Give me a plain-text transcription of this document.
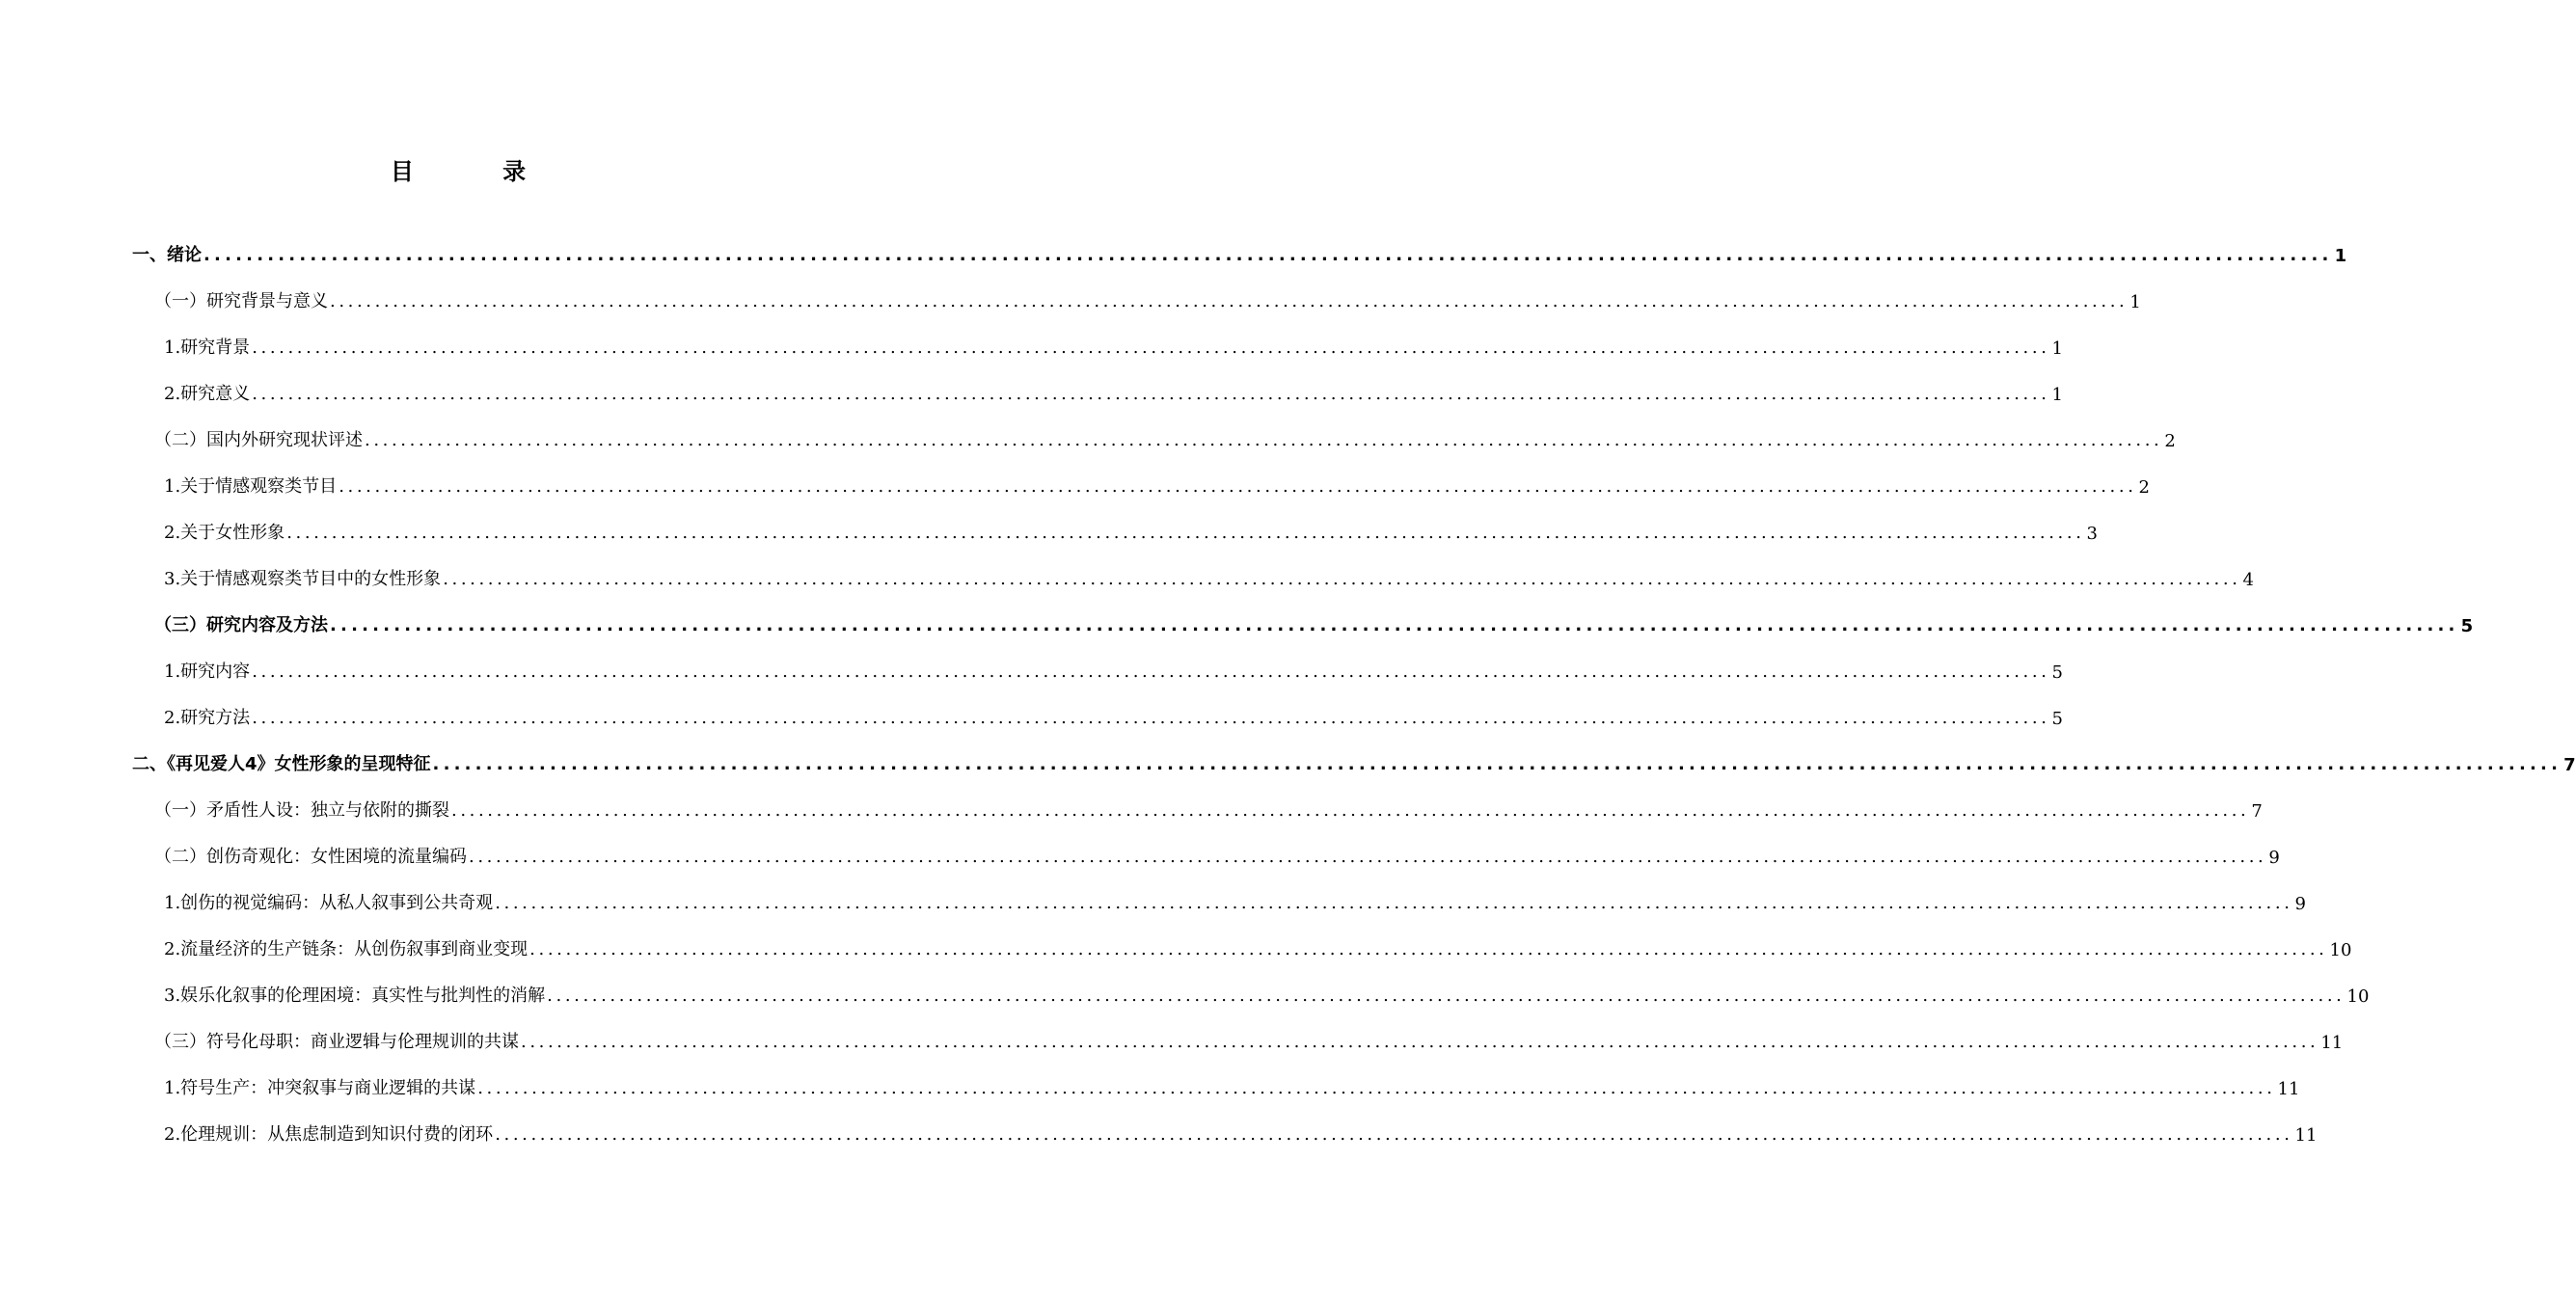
目 录
一、绪论 ........................................................................................................................................................................................................ 1
（一）研究背景与意义 ........................................................................................................................................................................................................ 1
1.研究背景 ........................................................................................................................................................................................................ 1
2.研究意义 ........................................................................................................................................................................................................ 1
（二）国内外研究现状评述 ........................................................................................................................................................................................................ 2
1.关于情感观察类节目 ........................................................................................................................................................................................................ 2
2.关于女性形象 ........................................................................................................................................................................................................ 3
3.关于情感观察类节目中的女性形象 ........................................................................................................................................................................................................ 4
（三）研究内容及方法 ........................................................................................................................................................................................................ 5
1.研究内容 ........................................................................................................................................................................................................ 5
2.研究方法 ........................................................................................................................................................................................................ 5
二、《再见爱人4》女性形象的呈现特征 ........................................................................................................................................................................................................ 7
（一）矛盾性人设：独立与依附的撕裂 ........................................................................................................................................................................................................ 7
（二）创伤奇观化：女性困境的流量编码 ........................................................................................................................................................................................................ 9
1.创伤的视觉编码：从私人叙事到公共奇观 ........................................................................................................................................................................................................ 9
2.流量经济的生产链条：从创伤叙事到商业变现 ........................................................................................................................................................................................................ 10
3.娱乐化叙事的伦理困境：真实性与批判性的消解 ........................................................................................................................................................................................................ 10
（三）符号化母职：商业逻辑与伦理规训的共谋 ........................................................................................................................................................................................................ 11
1.符号生产：冲突叙事与商业逻辑的共谋 ........................................................................................................................................................................................................ 11
2.伦理规训：从焦虑制造到知识付费的闭环 ........................................................................................................................................................................................................ 11
